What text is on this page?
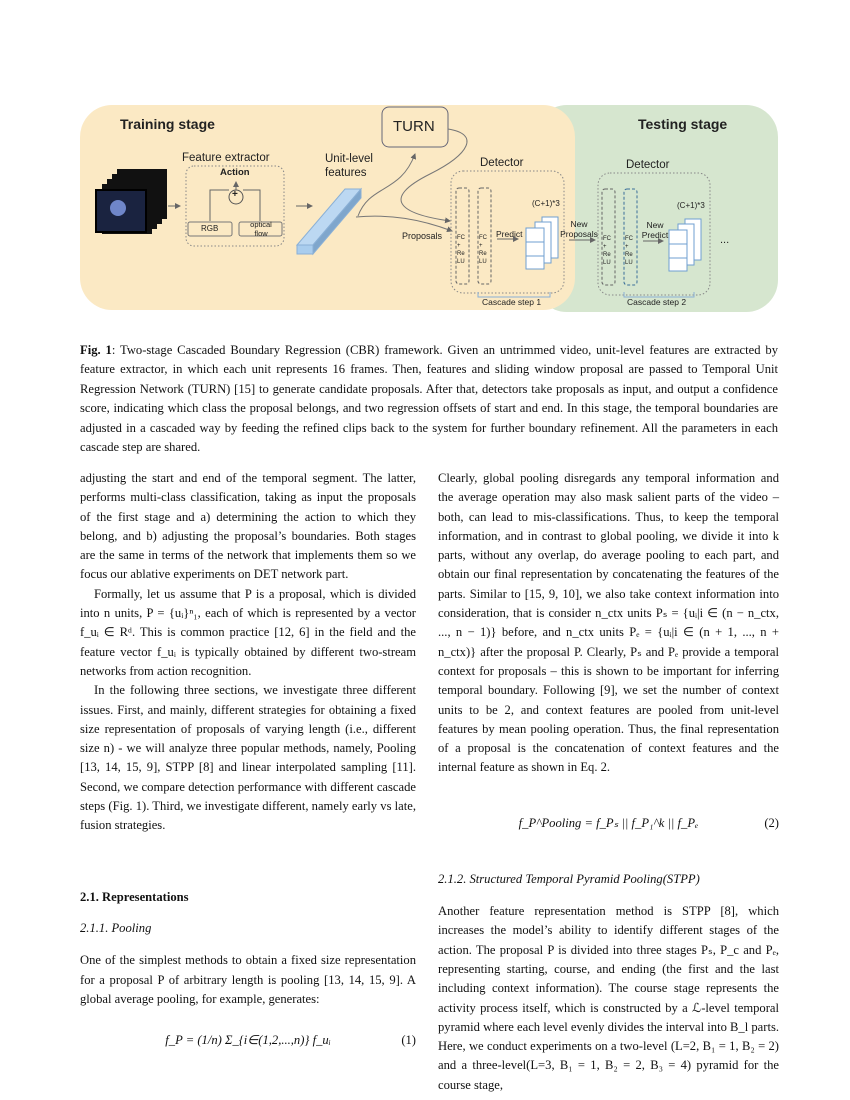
Training stage	Testing stage
TURN
Feature extractor
Action
+
RGB	optical flow
Unit-level features
Proposals
Detector	Detector
FC + Re LU
FC + Re LU
FC + Re LU
FC + Re LU
Predict
(C+1)*3	(C+1)*3
New Proposals
New Predict	...
Cascade step 1	Cascade step 2
Fig. 1: Two-stage Cascaded Boundary Regression (CBR) framework. Given an untrimmed video, unit-level features are extracted by feature extractor, in which each unit represents 16 frames. Then, features and sliding window proposal are passed to Temporal Unit Regression Network (TURN) [15] to generate candidate proposals. After that, detectors take proposals as input, and output a confidence score, indicating which class the proposal belongs, and two regression offsets of start and end. In this stage, the temporal boundaries are adjusted in a cascaded way by feeding the refined clips back to the system for further boundary refinement. All the parameters in each cascade step are shared.

adjusting the start and end of the temporal segment. The latter, performs multi-class classification, taking as input the proposals of the first stage and a) determining the action to which they belong, and b) adjusting the proposal’s boundaries. Both stages are the same in terms of the network that implements them so we focus our ablative experiments on DET network part.

Formally, let us assume that P is a proposal, which is divided into n units, P = {uᵢ}ⁿ₁, each of which is represented by a vector f_uᵢ ∈ Rᵈ. This is common practice [12, 6] in the field and the feature vector f_uᵢ is typically obtained by different two-stream networks from action recognition.

In the following three sections, we investigate three different issues. First, and mainly, different strategies for obtaining a fixed size representation of proposals of varying length (i.e., different size n) - we will analyze three popular methods, namely, Pooling [13, 14, 15, 9], STPP [8] and linear interpolated sampling [11]. Second, we compare detection performance with different cascade steps (Fig. 1). Third, we investigate different, namely early vs late, fusion strategies.

2.1. Representations

2.1.1. Pooling

One of the simplest methods to obtain a fixed size representation for a proposal P of arbitrary length is pooling [13, 14, 15, 9]. A global average pooling, for example, generates:

f_P = (1/n) Σ_{i∈(1,2,...,n)} f_uᵢ	(1)

Clearly, global pooling disregards any temporal information and the average operation may also mask salient parts of the video – both, can lead to mis-classifications. Thus, to keep the temporal information, and in contrast to global pooling, we divide it into k parts, without any overlap, do average pooling to each part, and obtain our final representation by concatenating the features of the parts. Similar to [15, 9, 10], we also take context information into consideration, that is consider n_ctx units Pₛ = {uᵢ|i ∈ (n − n_ctx, ..., n − 1)} before, and n_ctx units Pₑ = {uᵢ|i ∈ (n + 1, ..., n + n_ctx)} after the proposal P. Clearly, Pₛ and Pₑ provide a temporal context for proposals – this is shown to be important for inferring temporal boundary. Following [9], we set the number of context units to be 2, and context features are pooled from unit-level features by mean pooling operation. Thus, the final representation of a proposal is the concatenation of context features and the internal feature as shown in Eq. 2.

f_P^Pooling = f_Pₛ || f_P₁^k || f_Pₑ	(2)

2.1.2. Structured Temporal Pyramid Pooling(STPP)

Another feature representation method is STPP [8], which increases the model’s ability to identify different stages of the action. The proposal P is divided into three stages Pₛ, P_c and Pₑ, representing starting, course, and ending (the first and the last including context information). The course stage represents the activity process itself, which is constructed by a ℒ-level temporal pyramid where each level evenly divides the interval into B_l parts. Here, we conduct experiments on a two-level (L=2, B₁ = 1, B₂ = 2) and a three-level(L=3, B₁ = 1, B₂ = 2, B₃ = 4) pyramid for the course stage,
